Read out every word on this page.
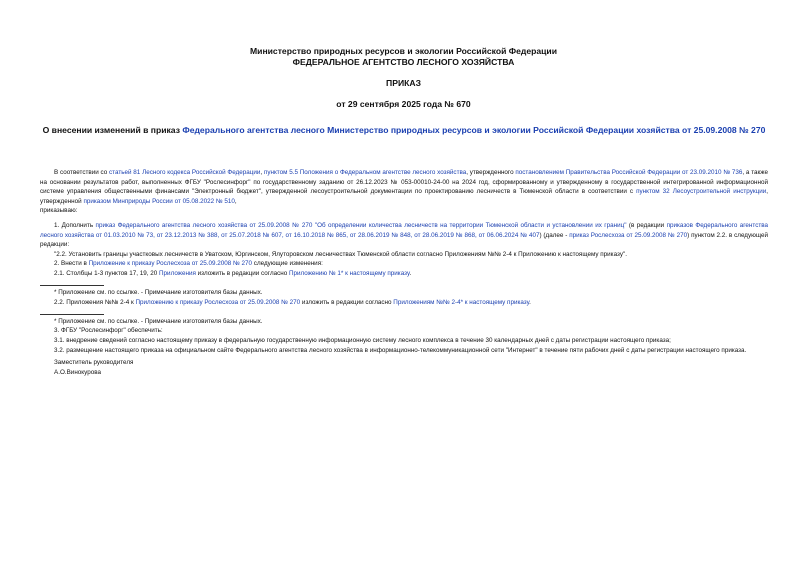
Министерство природных ресурсов и экологии Российской Федерации
ФЕДЕРАЛЬНОЕ АГЕНТСТВО ЛЕСНОГО ХОЗЯЙСТВА
ПРИКАЗ
от 29 сентября 2025 года № 670
О внесении изменений в приказ Федерального агентства лесного Министерство природных ресурсов и экологии Российской Федерации хозяйства от 25.09.2008 № 270

В соответствии со статьей 81 Лесного кодекса Российской Федерации, пунктом 5.5 Положения о Федеральном агентстве лесного хозяйства, утвержденного постановлением Правительства Российской Федерации от 23.09.2010 № 736, а также на основании результатов работ, выполненных ФГБУ "Рослесинфорг" по государственному заданию от 26.12.2023 № 053-00010-24-00 на 2024 год, сформированному и утвержденному в государственной интегрированной информационной системе управления общественными финансами "Электронный бюджет", утвержденной лесоустроительной документации по проектированию лесничеств в Тюменской области в соответствии с пунктом 32 Лесоустроительной инструкции, утвержденной приказом Минприроды России от 05.08.2022 № 510,

приказываю:

1. Дополнить приказ Федерального агентства лесного хозяйства от 25.09.2008 № 270 "Об определении количества лесничеств на территории Тюменской области и установлении их границ" (в редакции приказов Федерального агентства лесного хозяйства от 01.03.2010 № 73, от 23.12.2013 № 388, от 25.07.2018 № 607, от 16.10.2018 № 865, от 28.06.2019 № 848, от 28.06.2019 № 868, от 06.06.2024 № 407) (далее - приказ Рослесхоза от 25.09.2008 № 270) пунктом 2.2. в следующей редакции:

"2.2. Установить границы участковых лесничеств в Уватском, Юргинском, Ялуторовском лесничествах Тюменской области согласно Приложениям №№ 2-4 к Приложению к настоящему приказу".

2. Внести в Приложение к приказу Рослесхоза от 25.09.2008 № 270 следующие изменения:

2.1. Столбцы 1-3 пунктов 17, 19, 20 Приложения изложить в редакции согласно Приложению № 1* к настоящему приказу.

* Приложение см. по ссылке. - Примечание изготовителя базы данных.

2.2. Приложения №№ 2-4 к Приложению к приказу Рослесхоза от 25.09.2008 № 270 изложить в редакции согласно Приложениям №№ 2-4* к настоящему приказу.

* Приложение см. по ссылке. - Примечание изготовителя базы данных.

3. ФГБУ "Рослесинфорг" обеспечить:

3.1. внедрение сведений согласно настоящему приказу в федеральную государственную информационную систему лесного комплекса в течение 30 календарных дней с даты регистрации настоящего приказа;

3.2. размещение настоящего приказа на официальном сайте Федерального агентства лесного хозяйства в информационно-телекоммуникационной сети "Интернет" в течение пяти рабочих дней с даты регистрации настоящего приказа.

Заместитель руководителя

А.О.Винокурова
